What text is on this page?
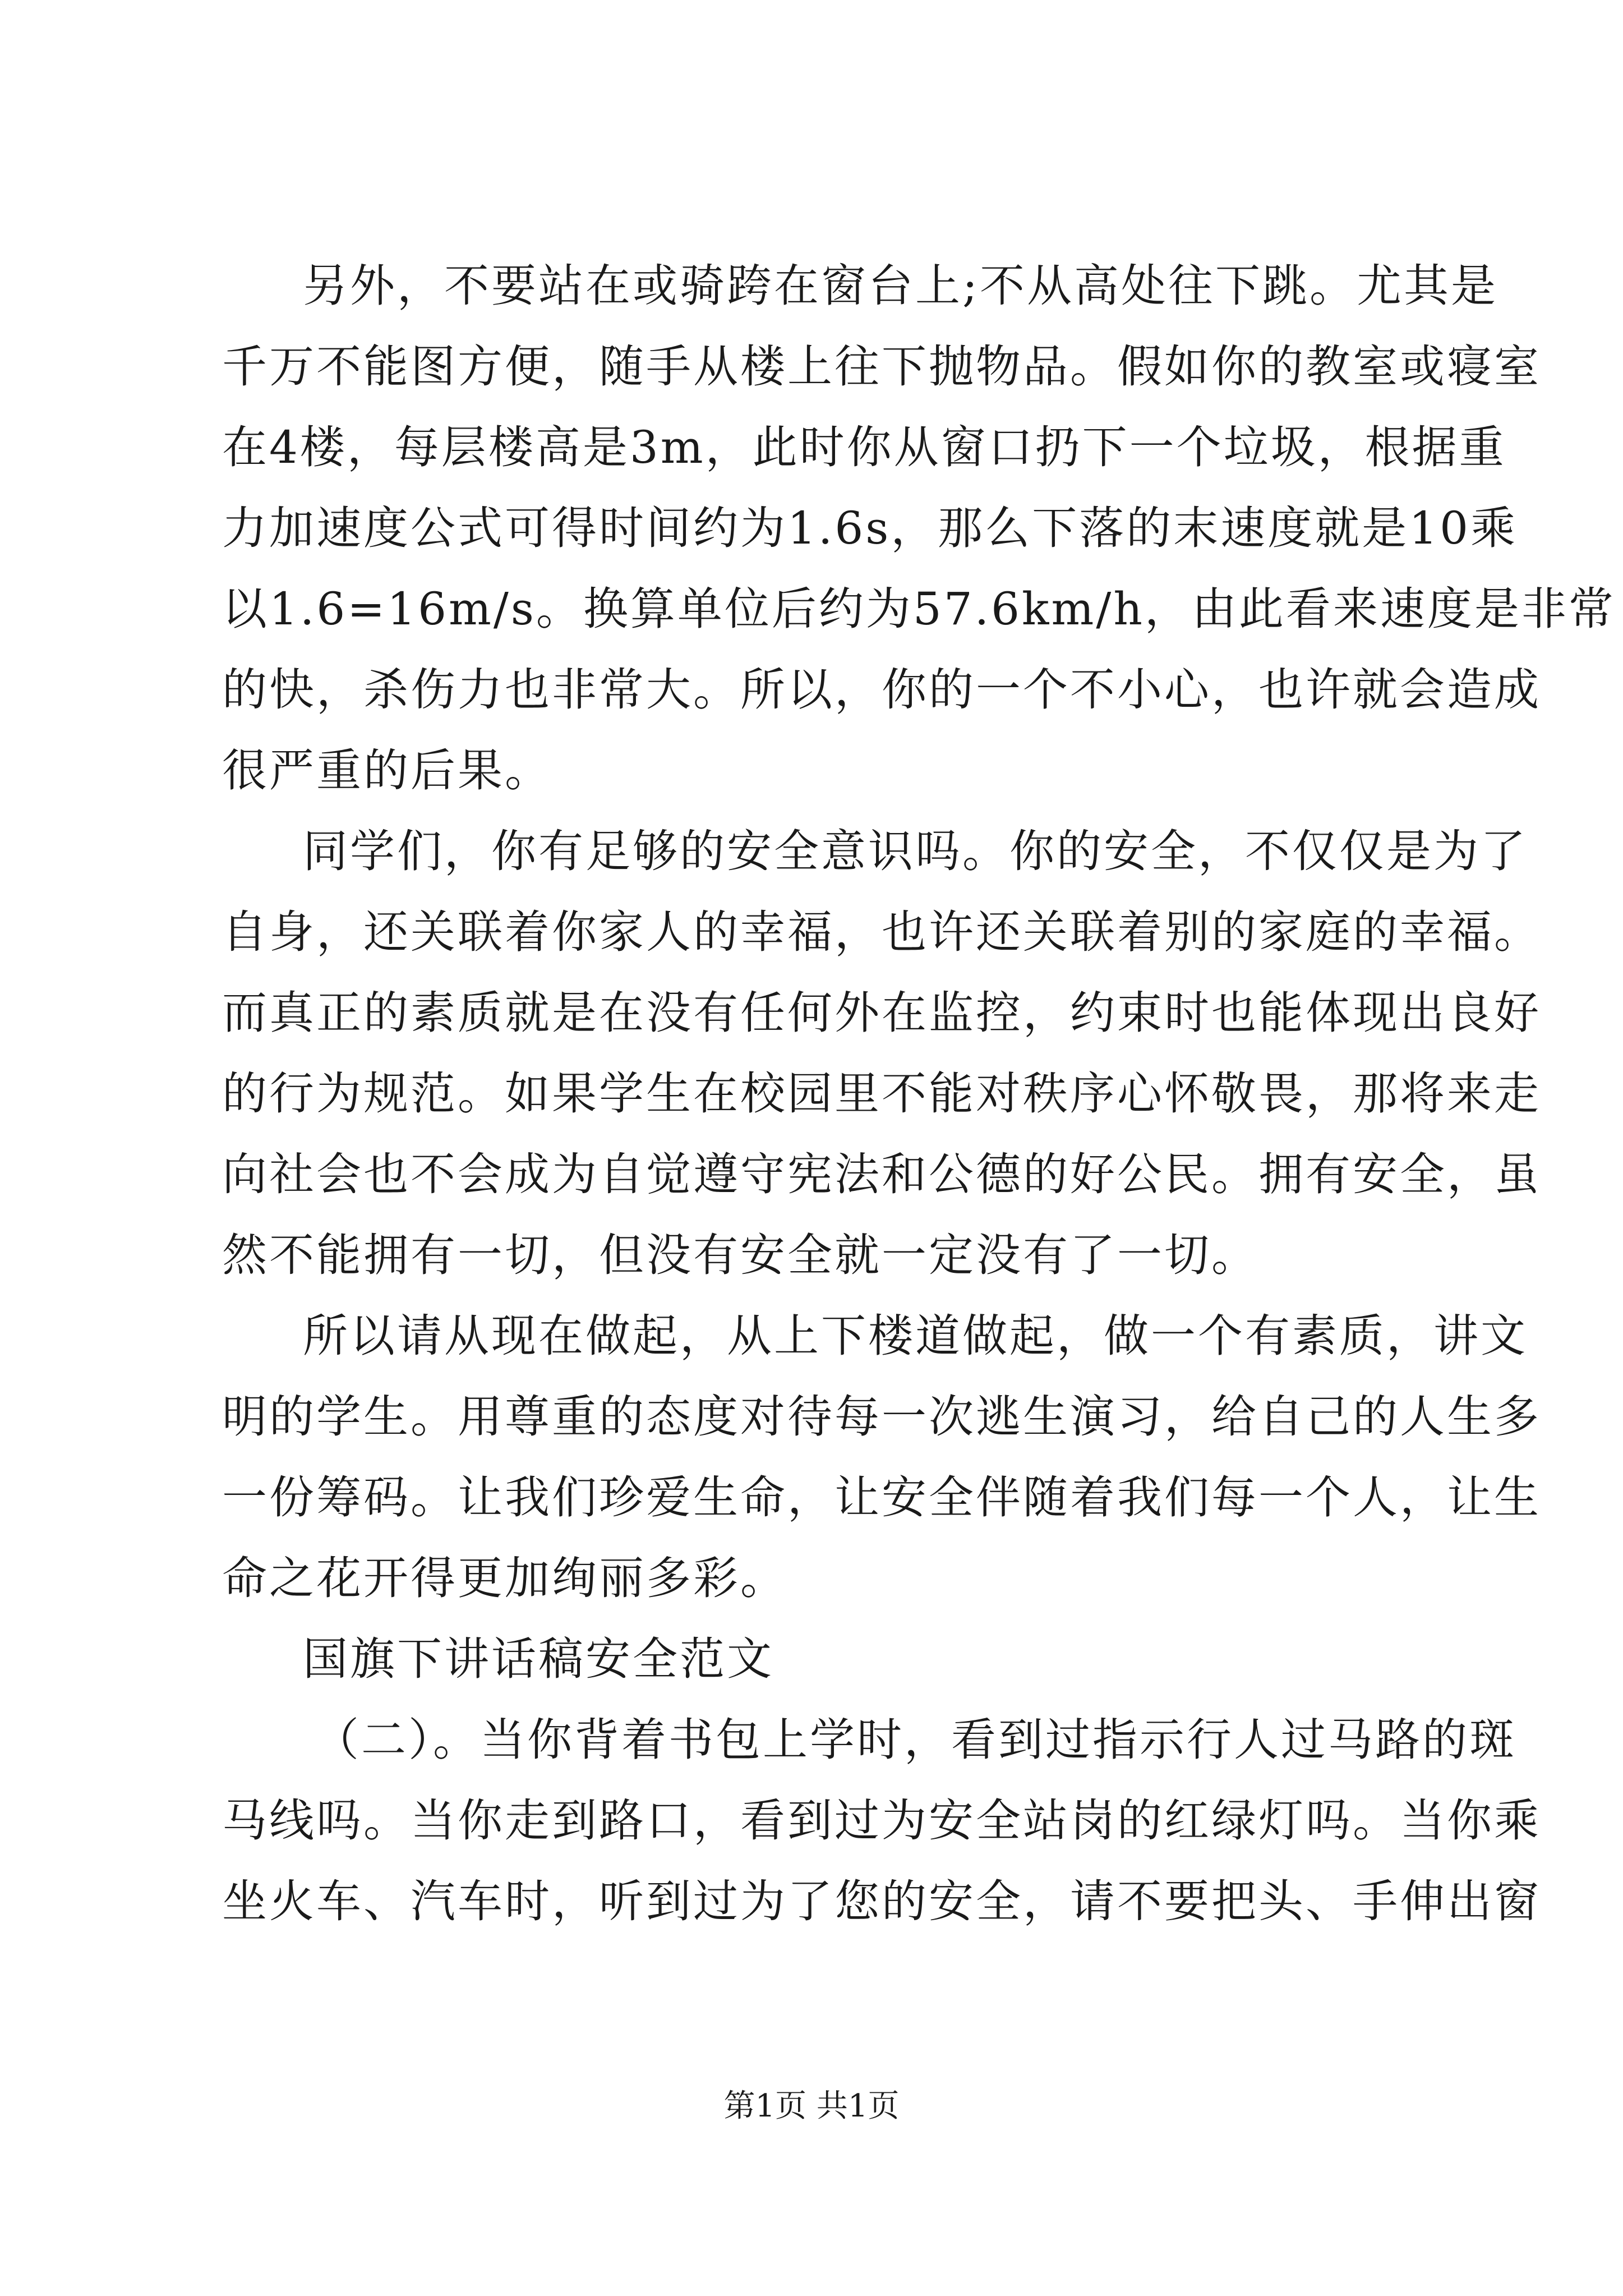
另外，不要站在或骑跨在窗台上;不从高处往下跳。尤其是
千万不能图方便，随手从楼上往下抛物品。假如你的教室或寝室
在4楼，每层楼高是3m，此时你从窗口扔下一个垃圾，根据重
力加速度公式可得时间约为1.6s，那么下落的末速度就是10乘
以1.6=16m/s。换算单位后约为57.6km/h，由此看来速度是非常
的快，杀伤力也非常大。所以，你的一个不小心，也许就会造成
很严重的后果。
同学们，你有足够的安全意识吗。你的安全，不仅仅是为了
自身，还关联着你家人的幸福，也许还关联着别的家庭的幸福。
而真正的素质就是在没有任何外在监控，约束时也能体现出良好
的行为规范。如果学生在校园里不能对秩序心怀敬畏，那将来走
向社会也不会成为自觉遵守宪法和公德的好公民。拥有安全，虽
然不能拥有一切，但没有安全就一定没有了一切。
所以请从现在做起，从上下楼道做起，做一个有素质，讲文
明的学生。用尊重的态度对待每一次逃生演习，给自己的人生多
一份筹码。让我们珍爱生命，让安全伴随着我们每一个人，让生
命之花开得更加绚丽多彩。
国旗下讲话稿安全范文
（二）。当你背着书包上学时，看到过指示行人过马路的斑
马线吗。当你走到路口，看到过为安全站岗的红绿灯吗。当你乘
坐火车、汽车时，听到过为了您的安全，请不要把头、手伸出窗
第1页 共1页
